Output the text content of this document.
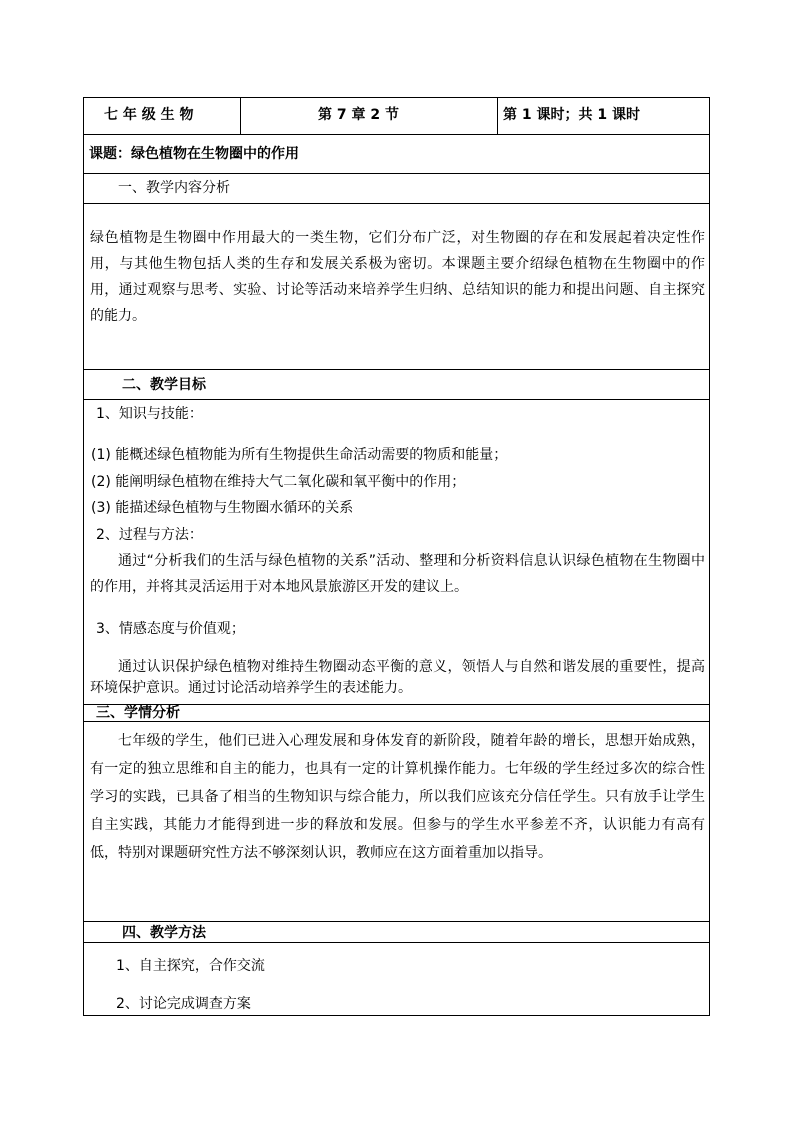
七 年 级 生 物	第 7 章 2 节	第 1 课时；共 1 课时
课题：绿色植物在生物圈中的作用
一、教学内容分析
绿色植物是生物圈中作用最大的一类生物，它们分布广泛，对生物圈的存在和发展起着决定性作用，与其他生物包括人类的生存和发展关系极为密切。本课题主要介绍绿色植物在生物圈中的作用，通过观察与思考、实验、讨论等活动来培养学生归纳、总结知识的能力和提出问题、自主探究的能力。
二、教学目标
1、知识与技能：
(1) 能概述绿色植物能为所有生物提供生命活动需要的物质和能量；
(2) 能阐明绿色植物在维持大气二氧化碳和氧平衡中的作用；
(3) 能描述绿色植物与生物圈水循环的关系
2、过程与方法：
通过“分析我们的生活与绿色植物的关系”活动、整理和分析资料信息认识绿色植物在生物圈中的作用，并将其灵活运用于对本地风景旅游区开发的建议上。
3、情感态度与价值观；
通过认识保护绿色植物对维持生物圈动态平衡的意义，领悟人与自然和谐发展的重要性，提高环境保护意识。通过讨论活动培养学生的表述能力。
三、学情分析
七年级的学生，他们已进入心理发展和身体发育的新阶段，随着年龄的增长，思想开始成熟，有一定的独立思维和自主的能力，也具有一定的计算机操作能力。七年级的学生经过多次的综合性学习的实践，已具备了相当的生物知识与综合能力，所以我们应该充分信任学生。只有放手让学生自主实践，其能力才能得到进一步的释放和发展。但参与的学生水平参差不齐，认识能力有高有低，特别对课题研究性方法不够深刻认识，教师应在这方面着重加以指导。
四、教学方法
1、自主探究，合作交流
2、讨论完成调查方案
